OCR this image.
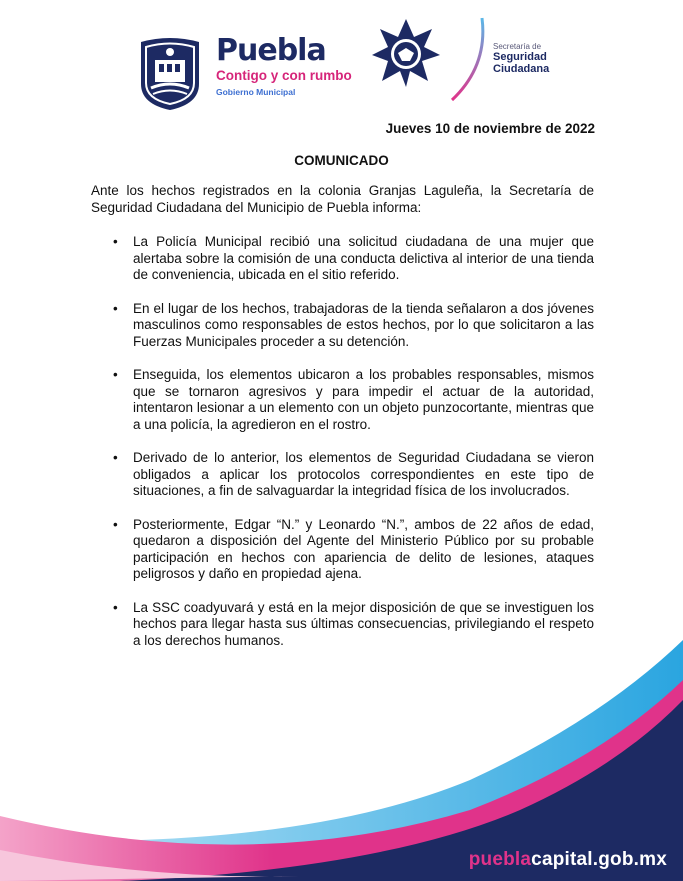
Puebla
Contigo y con rumbo
Gobierno Municipal
Secretaría de
Seguridad
Ciudadana
Jueves 10 de noviembre de 2022
COMUNICADO
Ante los hechos registrados en la colonia Granjas Laguleña, la Secretaría de Seguridad Ciudadana del Municipio de Puebla informa:
• La Policía Municipal recibió una solicitud ciudadana de una mujer que alertaba sobre la comisión de una conducta delictiva al interior de una tienda de conveniencia, ubicada en el sitio referido.
• En el lugar de los hechos, trabajadoras de la tienda señalaron a dos jóvenes masculinos como responsables de estos hechos, por lo que solicitaron a las Fuerzas Municipales proceder a su detención.
• Enseguida, los elementos ubicaron a los probables responsables, mismos que se tornaron agresivos y para impedir el actuar de la autoridad, intentaron lesionar a un elemento con un objeto punzocortante, mientras que a una policía, la agredieron en el rostro.
• Derivado de lo anterior, los elementos de Seguridad Ciudadana se vieron obligados a aplicar los protocolos correspondientes en este tipo de situaciones, a fin de salvaguardar la integridad física de los involucrados.
• Posteriormente, Edgar “N.” y Leonardo “N.”, ambos de 22 años de edad, quedaron a disposición del Agente del Ministerio Público por su probable participación en hechos con apariencia de delito de lesiones, ataques peligrosos y daño en propiedad ajena.
• La SSC coadyuvará y está en la mejor disposición de que se investiguen los hechos para llegar hasta sus últimas consecuencias, privilegiando el respeto a los derechos humanos.
pueblacapital.gob.mx
